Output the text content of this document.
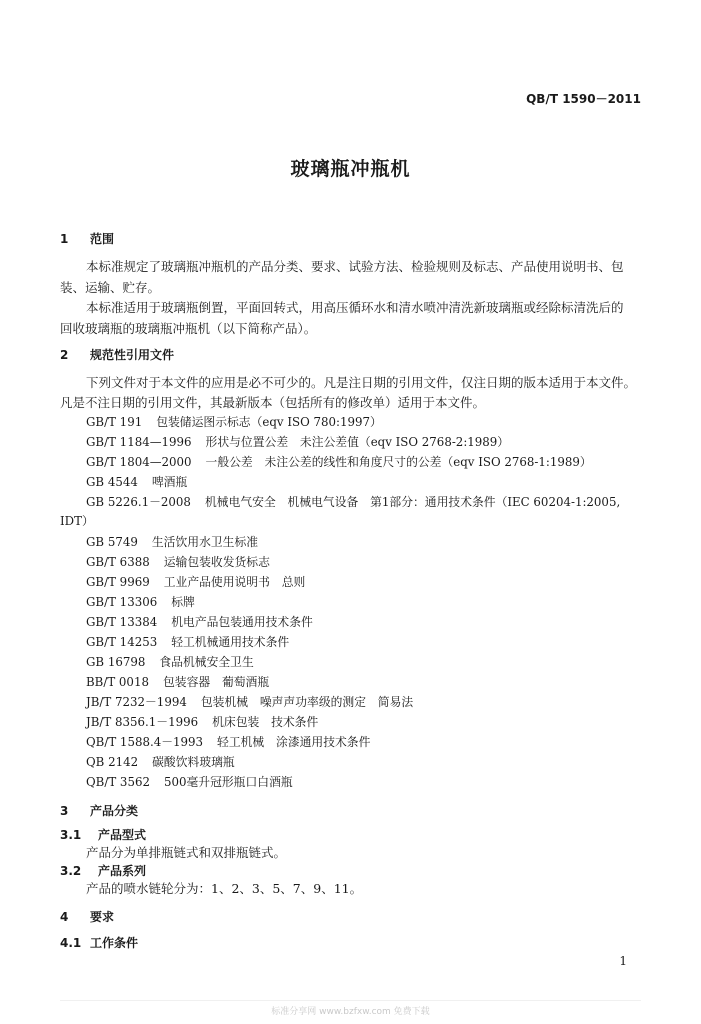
QB/T 1590－2011
玻璃瓶冲瓶机
1 范围
本标准规定了玻璃瓶冲瓶机的产品分类、要求、试验方法、检验规则及标志、产品使用说明书、包
装、运输、贮存。
本标准适用于玻璃瓶倒置，平面回转式，用高压循环水和清水喷冲清洗新玻璃瓶或经除标清洗后的
回收玻璃瓶的玻璃瓶冲瓶机（以下简称产品）。
2 规范性引用文件
下列文件对于本文件的应用是必不可少的。凡是注日期的引用文件，仅注日期的版本适用于本文件。
凡是不注日期的引用文件，其最新版本（包括所有的修改单）适用于本文件。
GB/T 191 包装储运图示标志（eqv ISO 780:1997）
GB/T 1184—1996 形状与位置公差　未注公差值（eqv ISO 2768-2:1989）
GB/T 1804—2000 一般公差　未注公差的线性和角度尺寸的公差（eqv ISO 2768-1:1989）
GB 4544 啤酒瓶
GB 5226.1－2008 机械电气安全　机械电气设备　第1部分：通用技术条件（IEC 60204-1:2005,
IDT）
GB 5749 生活饮用水卫生标准
GB/T 6388 运输包装收发货标志
GB/T 9969 工业产品使用说明书　总则
GB/T 13306 标牌
GB/T 13384 机电产品包装通用技术条件
GB/T 14253 轻工机械通用技术条件
GB 16798 食品机械安全卫生
BB/T 0018 包装容器　葡萄酒瓶
JB/T 7232－1994 包装机械　噪声声功率级的测定　简易法
JB/T 8356.1－1996 机床包装　技术条件
QB/T 1588.4－1993 轻工机械　涂漆通用技术条件
QB 2142 碳酸饮料玻璃瓶
QB/T 3562 500毫升冠形瓶口白酒瓶
3 产品分类
3.1 产品型式
产品分为单排瓶链式和双排瓶链式。
3.2 产品系列
产品的喷水链轮分为：1、2、3、5、7、9、11。
4 要求
4.1 工作条件
1
标准分享网 www.bzfxw.com 免费下载
